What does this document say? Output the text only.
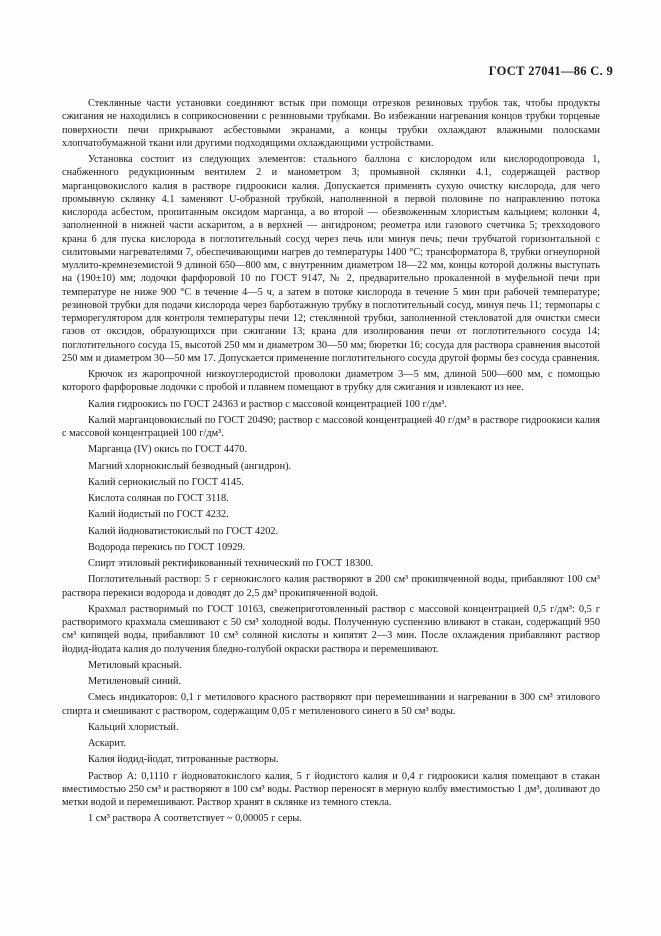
ГОСТ 27041—86 С. 9

Стеклянные части установки соединяют встык при помощи отрезков резиновых трубок так, чтобы продукты сжигания не находились в соприкосновении с резиновыми трубками. Во избежании нагревания концов трубки торцевые поверхности печи прикрывают асбестовыми экранами, а концы трубки охлаждают влажными полосками хлопчатобумажной ткани или другими подходящими охлаждающими устройствами.

Установка состоит из следующих элементов: стального баллона с кислородом или кислородопровода 1, снабженного редукционным вентилем 2 и манометром 3; промывной склянки 4.1, содержащей раствор марганцовокислого калия в растворе гидроокиси калия. Допускается применять сухую очистку кислорода, для чего промывную склянку 4.1 заменяют U-образной трубкой, наполненной в первой половине по направлению потока кислорода асбестом, пропитанным оксидом марганца, а во второй — обезвоженным хлористым кальцием; колонки 4, заполненной в нижней части аскаритом, а в верхней — ангидроном; реометра или газового счетчика 5; трехходового крана 6 для пуска кислорода в поглотительный сосуд через печь или минуя печь; печи трубчатой горизонтальной с силитовыми нагревателями 7, обеспечивающими нагрев до температуры 1400 °С; трансформатора 8, трубки огнеупорной муллито-кремнеземистой 9 длиной 650—800 мм, с внутренним диаметром 18—22 мм, концы которой должны выступать на (190±10) мм; лодочки фарфоровой 10 по ГОСТ 9147, № 2, предварительно прокаленной в муфельной печи при температуре не ниже 900 °С в течение 4—5 ч, а затем в потоке кислорода в течение 5 мин при рабочей температуре; резиновой трубки для подачи кислорода через барботажную трубку в поглотительный сосуд, минуя печь 11; термопары с терморегулятором для контроля температуры печи 12; стеклянной трубки, заполненной стекловатой для очистки смеси газов от оксидов, образующихся при сжигании 13; крана для изолирования печи от поглотительного сосуда 14; поглотительного сосуда 15, высотой 250 мм и диаметром 30—50 мм; бюретки 16; сосуда для раствора сравнения высотой 250 мм и диаметром 30—50 мм 17. Допускается применение поглотительного сосуда другой формы без сосуда сравнения.

Крючок из жаропрочной низкоуглеродистой проволоки диаметром 3—5 мм, длиной 500—600 мм, с помощью которого фарфоровые лодочки с пробой и плавнем помещают в трубку для сжигания и извлекают из нее.

Калия гидроокись по ГОСТ 24363 и раствор с массовой концентрацией 100 г/дм³.

Калий марганцовокислый по ГОСТ 20490; раствор с массовой концентрацией 40 г/дм³ в растворе гидроокиси калия с массовой концентрацией 100 г/дм³.

Марганца (IV) окись по ГОСТ 4470.

Магний хлорнокислый безводный (ангидрон).

Калий сернокислый по ГОСТ 4145.

Кислота соляная по ГОСТ 3118.

Калий йодистый по ГОСТ 4232.

Калий йодноватистокислый по ГОСТ 4202.

Водорода перекись по ГОСТ 10929.

Спирт этиловый ректификованный технический по ГОСТ 18300.

Поглотительный раствор: 5 г сернокислого калия растворяют в 200 см³ прокипяченной воды, прибавляют 100 см³ раствора перекиси водорода и доводят до 2,5 дм³ прокипяченной водой.

Крахмал растворимый по ГОСТ 10163, свежеприготовленный раствор с массовой концентрацией 0,5 г/дм³: 0,5 г растворимого крахмала смешивают с 50 см³ холодной воды. Полученную суспензию вливают в стакан, содержащий 950 см³ кипящей воды, прибавляют 10 см³ соляной кислоты и кипятят 2—3 мин. После охлаждения прибавляют раствор йодид-йодата калия до получения бледно-голубой окраски раствора и перемешивают.

Метиловый красный.

Метиленовый синий.

Смесь индикаторов: 0,1 г метилового красного растворяют при перемешивании и нагревании в 300 см³ этилового спирта и смешивают с раствором, содержащим 0,05 г метиленового синего в 50 см³ воды.

Кальций хлористый.

Аскарит.

Калия йодид-йодат, титрованные растворы.

Раствор А: 0,1110 г йодноватокислого калия, 5 г йодистого калия и 0,4 г гидроокиси калия помещают в стакан вместимостью 250 см³ и растворяют в 100 см³ воды. Раствор переносят в мерную колбу вместимостью 1 дм³, доливают до метки водой и перемешивают. Раствор хранят в склянке из темного стекла.

1 см³ раствора А соответствует ~ 0,00005 г серы.
